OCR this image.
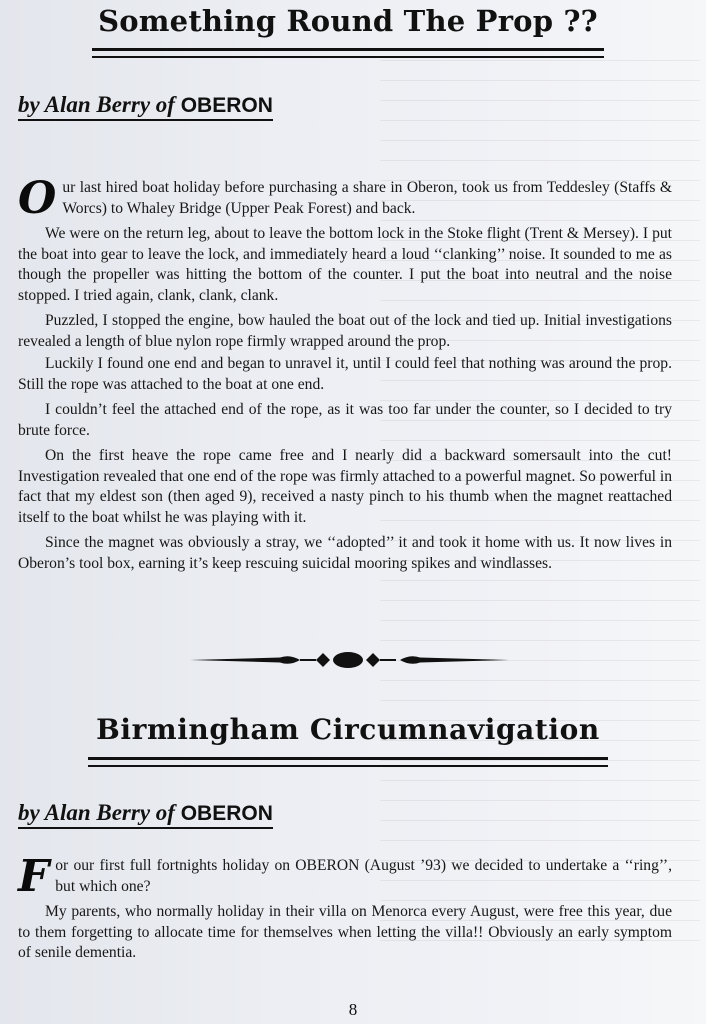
Something Round The Prop ??
by Alan Berry of OBERON

Our last hired boat holiday before purchasing a share in Oberon, took us from Teddesley (Staffs & Worcs) to Whaley Bridge (Upper Peak Forest) and back.

We were on the return leg, about to leave the bottom lock in the Stoke flight (Trent & Mersey). I put the boat into gear to leave the lock, and immediately heard a loud ‘‘clanking’’ noise. It sounded to me as though the propeller was hitting the bottom of the counter. I put the boat into neutral and the noise stopped. I tried again, clank, clank, clank.

Puzzled, I stopped the engine, bow hauled the boat out of the lock and tied up. Initial investigations revealed a length of blue nylon rope firmly wrapped around the prop.

Luckily I found one end and began to unravel it, until I could feel that nothing was around the prop. Still the rope was attached to the boat at one end.

I couldn’t feel the attached end of the rope, as it was too far under the counter, so I decided to try brute force.

On the first heave the rope came free and I nearly did a backward somersault into the cut! Investigation revealed that one end of the rope was firmly attached to a powerful magnet. So powerful in fact that my eldest son (then aged 9), received a nasty pinch to his thumb when the magnet reattached itself to the boat whilst he was playing with it.

Since the magnet was obviously a stray, we ‘‘adopted’’ it and took it home with us. It now lives in Oberon’s tool box, earning it’s keep rescuing suicidal mooring spikes and windlasses.

Birmingham Circumnavigation
by Alan Berry of OBERON

For our first full fortnights holiday on OBERON (August ’93) we decided to undertake a ‘‘ring’’, but which one?

My parents, who normally holiday in their villa on Menorca every August, were free this year, due to them forgetting to allocate time for themselves when letting the villa!! Obviously an early symptom of senile dementia.

8
